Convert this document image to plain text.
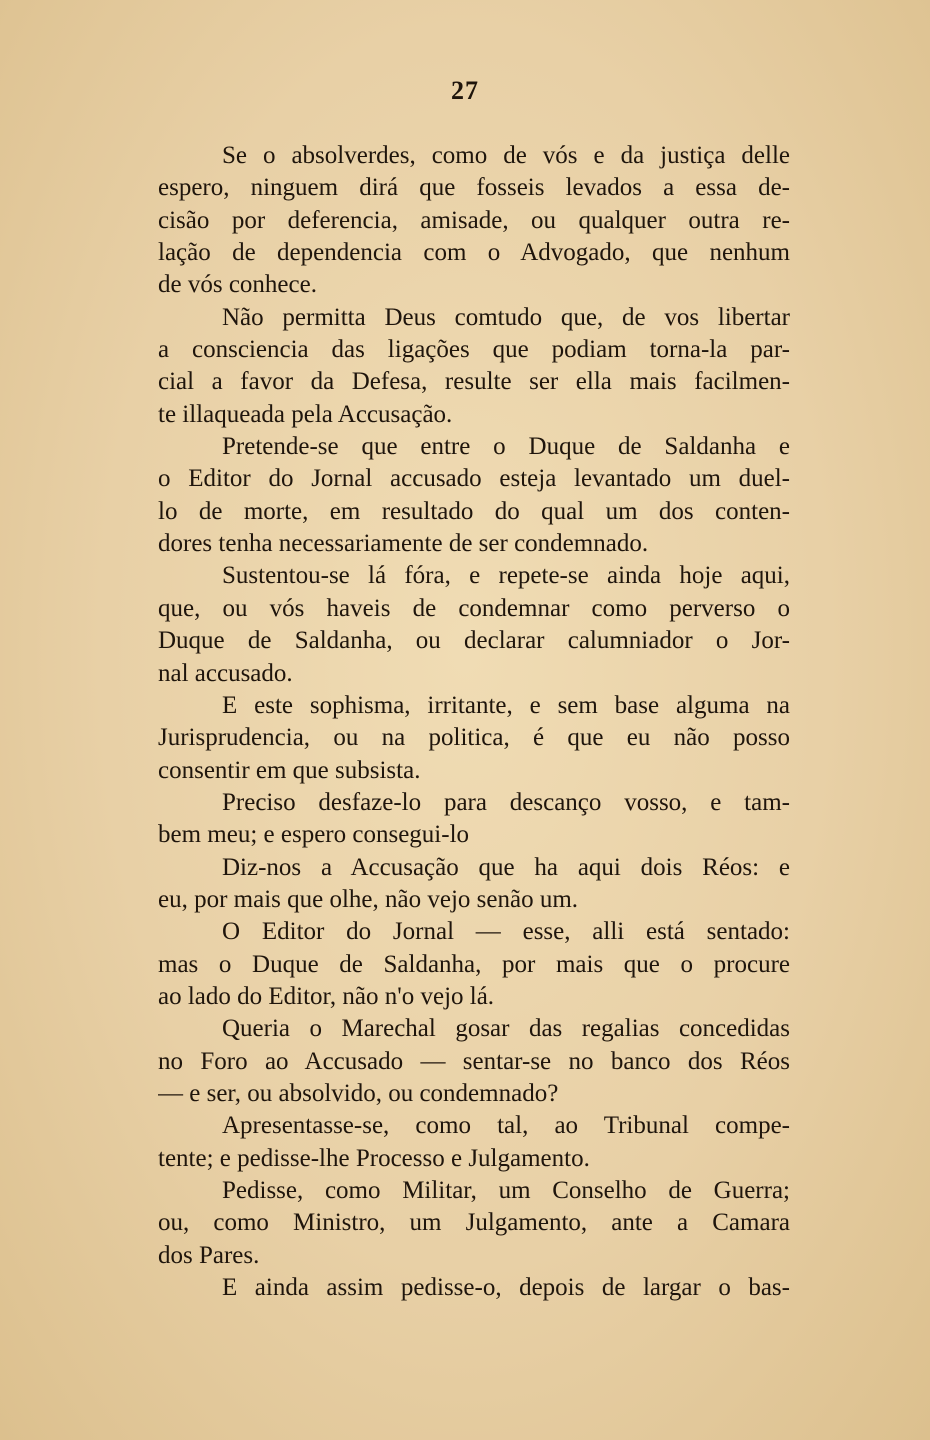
27
Se o absolverdes, como de vós e da justiça delle
espero, ninguem dirá que fosseis levados a essa de-
cisão por deferencia, amisade, ou qualquer outra re-
lação de dependencia com o Advogado, que nenhum
de vós conhece.
Não permitta Deus comtudo que, de vos libertar
a consciencia das ligações que podiam torna-la par-
cial a favor da Defesa, resulte ser ella mais facilmen-
te illaqueada pela Accusação.
Pretende-se que entre o Duque de Saldanha e
o Editor do Jornal accusado esteja levantado um duel-
lo de morte, em resultado do qual um dos conten-
dores tenha necessariamente de ser condemnado.
Sustentou-se lá fóra, e repete-se ainda hoje aqui,
que, ou vós haveis de condemnar como perverso o
Duque de Saldanha, ou declarar calumniador o Jor-
nal accusado.
E este sophisma, irritante, e sem base alguma na
Jurisprudencia, ou na politica, é que eu não posso
consentir em que subsista.
Preciso desfaze-lo para descanço vosso, e tam-
bem meu; e espero consegui-lo
Diz-nos a Accusação que ha aqui dois Réos: e
eu, por mais que olhe, não vejo senão um.
O Editor do Jornal — esse, alli está sentado:
mas o Duque de Saldanha, por mais que o procure
ao lado do Editor, não n'o vejo lá.
Queria o Marechal gosar das regalias concedidas
no Foro ao Accusado — sentar-se no banco dos Réos
— e ser, ou absolvido, ou condemnado?
Apresentasse-se, como tal, ao Tribunal compe-
tente; e pedisse-lhe Processo e Julgamento.
Pedisse, como Militar, um Conselho de Guerra;
ou, como Ministro, um Julgamento, ante a Camara
dos Pares.
E ainda assim pedisse-o, depois de largar o bas-
